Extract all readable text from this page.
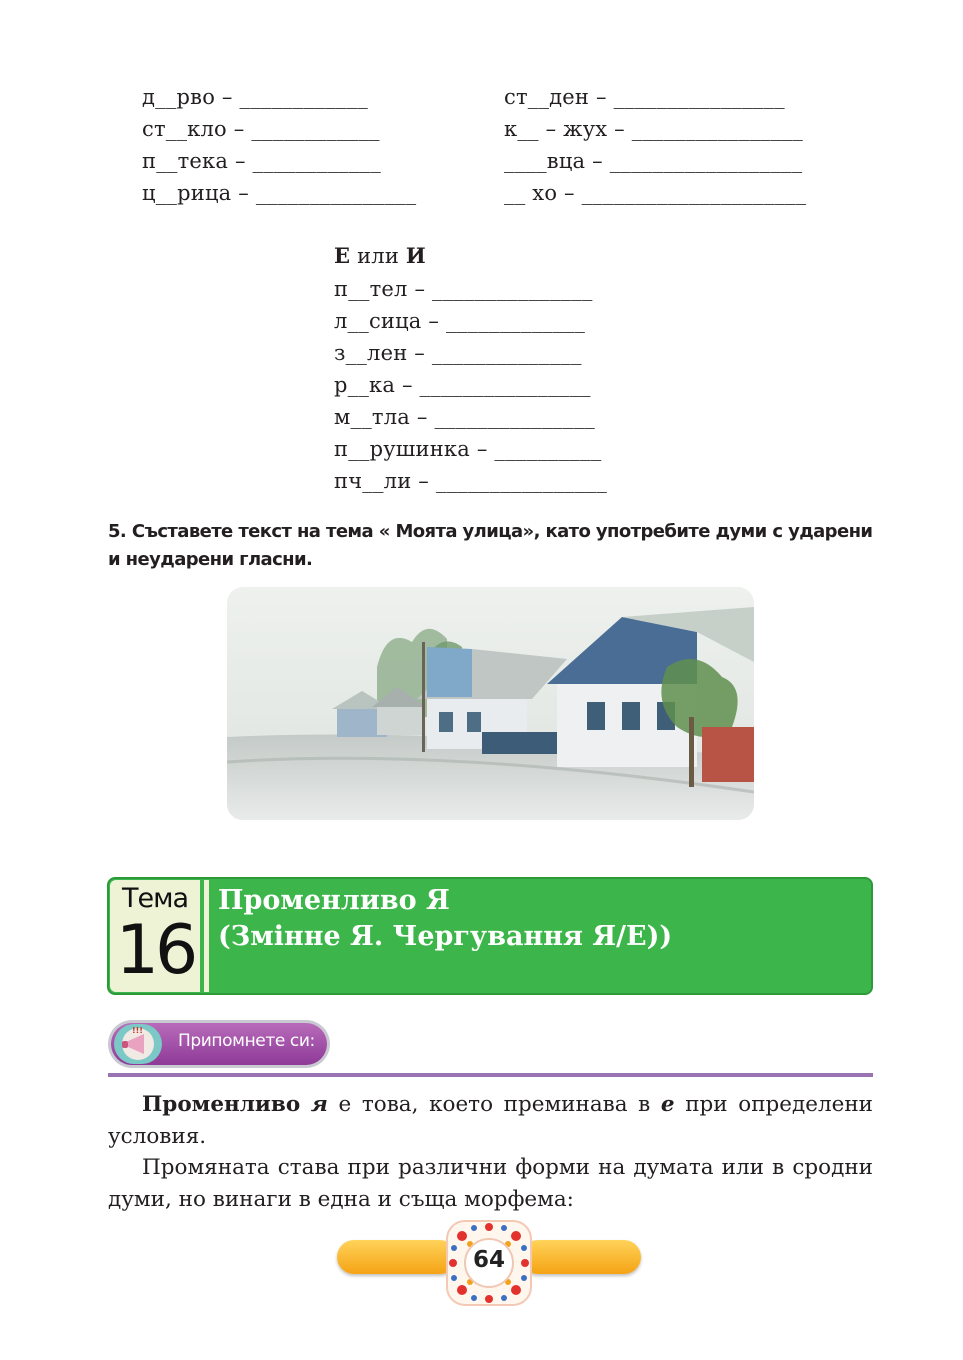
д__рво – ____________
ст__кло – ____________
п__тека – ____________
ц__рица – _______________
ст__ден – ________________
к__ – жух – ________________
____вца – __________________
__ хо – _____________________
Е или И
п__тел – _______________
л__сица – _____________
з__лен – ______________
р__ка – ________________
м__тла – _______________
п__рушинка – __________
пч__ли – ________________
5. Съставете текст на тема « Моята улица», като употребите думи с ударени и неударени гласни.
Тема
16
Променливо Я
(Змінне Я. Чергування Я/Е))
!!!
Припомнете си:
Променливо я е това, което преминава в е при определени условия.
Промяната става при различни форми на думата или в сродни думи, но винаги в една и съща морфема:
64
